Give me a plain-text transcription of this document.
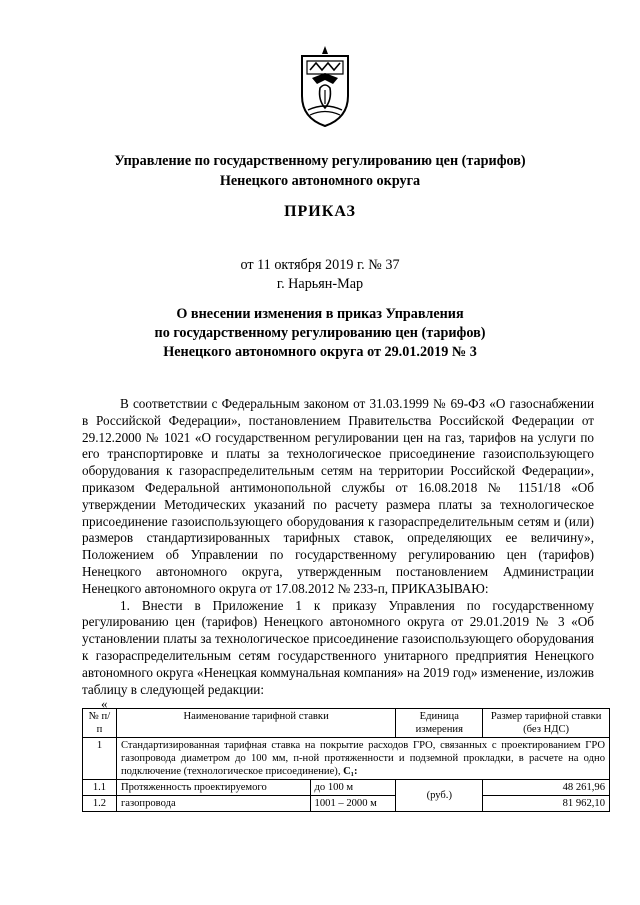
Управление по государственному регулированию цен (тарифов)
Ненецкого автономного округа
ПРИКАЗ
от 11 октября 2019 г. № 37
г. Нарьян-Мар
О внесении изменения в приказ Управления
по государственному регулированию цен (тарифов)
Ненецкого автономного округа от 29.01.2019 № 3

В соответствии с Федеральным законом от 31.03.1999 № 69-ФЗ «О газоснабжении в Российской Федерации», постановлением Правительства Российской Федерации от 29.12.2000 № 1021 «О государственном регулировании цен на газ, тарифов на услуги по его транспортировке и платы за технологическое присоединение газоиспользующего оборудования к газораспределительным сетям на территории Российской Федерации», приказом Федеральной антимонопольной службы от 16.08.2018 № 1151/18 «Об утверждении Методических указаний по расчету размера платы за технологическое присоединение газоиспользующего оборудования к газораспределительным сетям и (или) размеров стандартизированных тарифных ставок, определяющих ее величину», Положением об Управлении по государственному регулированию цен (тарифов) Ненецкого автономного округа, утвержденным постановлением Администрации Ненецкого автономного округа от 17.08.2012 № 233-п, ПРИКАЗЫВАЮ:

1. Внести в Приложение 1 к приказу Управления по государственному регулированию цен (тарифов) Ненецкого автономного округа от 29.01.2019 № 3 «Об установлении платы за технологическое присоединение газоиспользующего оборудования к газораспределительным сетям государственного унитарного предприятия Ненецкого автономного округа «Ненецкая коммунальная компания» на 2019 год» изменение, изложив таблицу в следующей редакции:

«
№ п/п	Наименование тарифной ставки		Единица измерения	Размер тарифной ставки (без НДС)
1	Стандартизированная тарифная ставка на покрытие расходов ГРО, связанных с проектированием ГРО газопровода диаметром до 100 мм, п-ной протяженности и подземной прокладки, в расчете на одно подключение (технологическое присоединение), С₁:			
1.1	Протяженность проектируемого	до 100 м	(руб.)	48 261,96
1.2	газопровода	1001 – 2000 м		81 962,10
